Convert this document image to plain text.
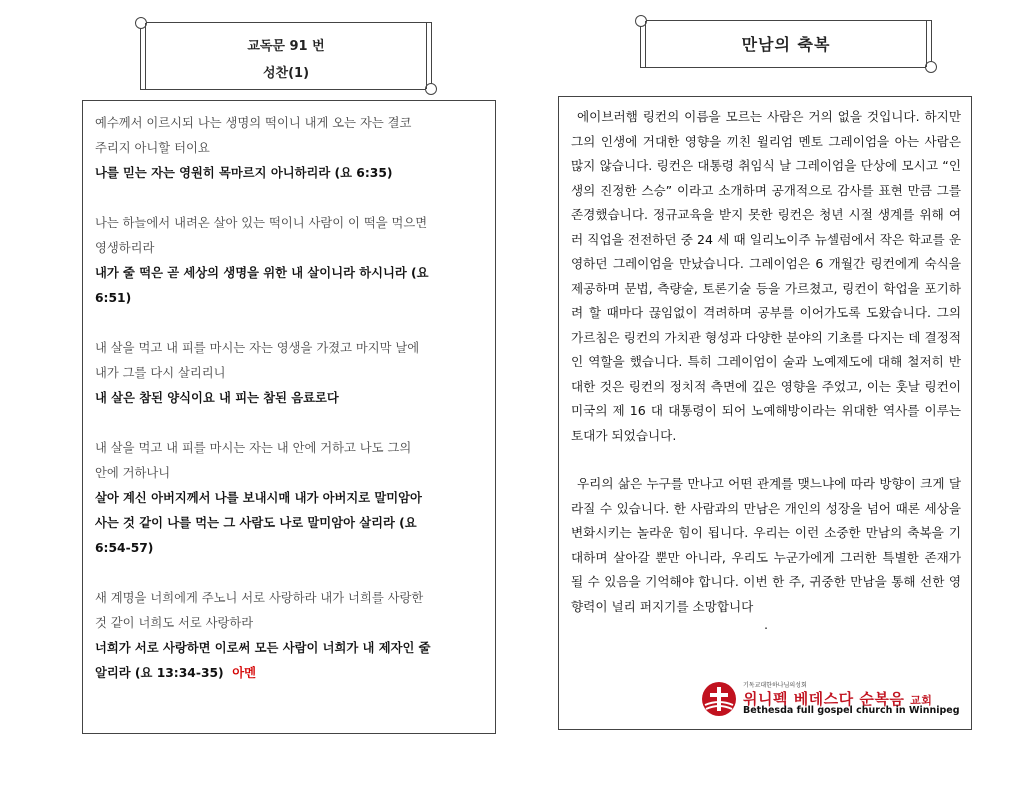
교독문 91 번
성찬(1)
만남의 축복
예수께서 이르시되 나는 생명의 떡이니 내게 오는 자는 결코
주리지 아니할 터이요
나를 믿는 자는 영원히 목마르지 아니하리라 (요 6:35)
나는 하늘에서 내려온 살아 있는 떡이니 사람이 이 떡을 먹으면
영생하리라
내가 줄 떡은 곧 세상의 생명을 위한 내 살이니라 하시니라 (요
6:51)
내 살을 먹고 내 피를 마시는 자는 영생을 가졌고 마지막 날에
내가 그를 다시 살리리니
내 살은 참된 양식이요 내 피는 참된 음료로다
내 살을 먹고 내 피를 마시는 자는 내 안에 거하고 나도 그의
안에 거하나니
살아 계신 아버지께서 나를 보내시매 내가 아버지로 말미암아
사는 것 같이 나를 먹는 그 사람도 나로 말미암아 살리라 (요
6:54-57)
새 계명을 너희에게 주노니 서로 사랑하라 내가 너희를 사랑한
것 같이 너희도 서로 사랑하라
너희가 서로 사랑하면 이로써 모든 사람이 너희가 내 제자인 줄
알리라 (요 13:34-35) 아멘

에이브러햄 링컨의 이름을 모르는 사람은 거의 없을 것입니다. 하지만 그의 인생에 거대한 영향을 끼친 윌리엄 멘토 그레이엄을 아는 사람은 많지 않습니다. 링컨은 대통령 취임식 날 그레이엄을 단상에 모시고 “인생의 진정한 스승” 이라고 소개하며 공개적으로 감사를 표현 만큼 그를 존경했습니다. 정규교육을 받지 못한 링컨은 청년 시절 생계를 위해 여러 직업을 전전하던 중 24 세 때 일리노이주 뉴셀럼에서 작은 학교를 운영하던 그레이엄을 만났습니다. 그레이엄은 6 개월간 링컨에게 숙식을 제공하며 문법, 측량술, 토론기술 등을 가르쳤고, 링컨이 학업을 포기하려 할 때마다 끊임없이 격려하며 공부를 이어가도록 도왔습니다. 그의 가르침은 링컨의 가치관 형성과 다양한 분야의 기초를 다지는 데 결정적인 역할을 했습니다. 특히 그레이엄이 술과 노예제도에 대해 철저히 반대한 것은 링컨의 정치적 측면에 깊은 영향을 주었고, 이는 훗날 링컨이 미국의 제 16 대 대통령이 되어 노예해방이라는 위대한 역사를 이루는 토대가 되었습니다.

우리의 삶은 누구를 만나고 어떤 관계를 맺느냐에 따라 방향이 크게 달라질 수 있습니다. 한 사람과의 만남은 개인의 성장을 넘어 때론 세상을 변화시키는 놀라운 힘이 됩니다. 우리는 이런 소중한 만남의 축복을 기대하며 살아갈 뿐만 아니라, 우리도 누군가에게 그러한 특별한 존재가 될 수 있음을 기억해야 합니다. 이번 한 주, 귀중한 만남을 통해 선한 영향력이 널리 퍼지기를 소망합니다

.
기독교대한하나님의성회
위니펙 베데스다 순복음 교회
Bethesda full gospel church in Winnipeg
